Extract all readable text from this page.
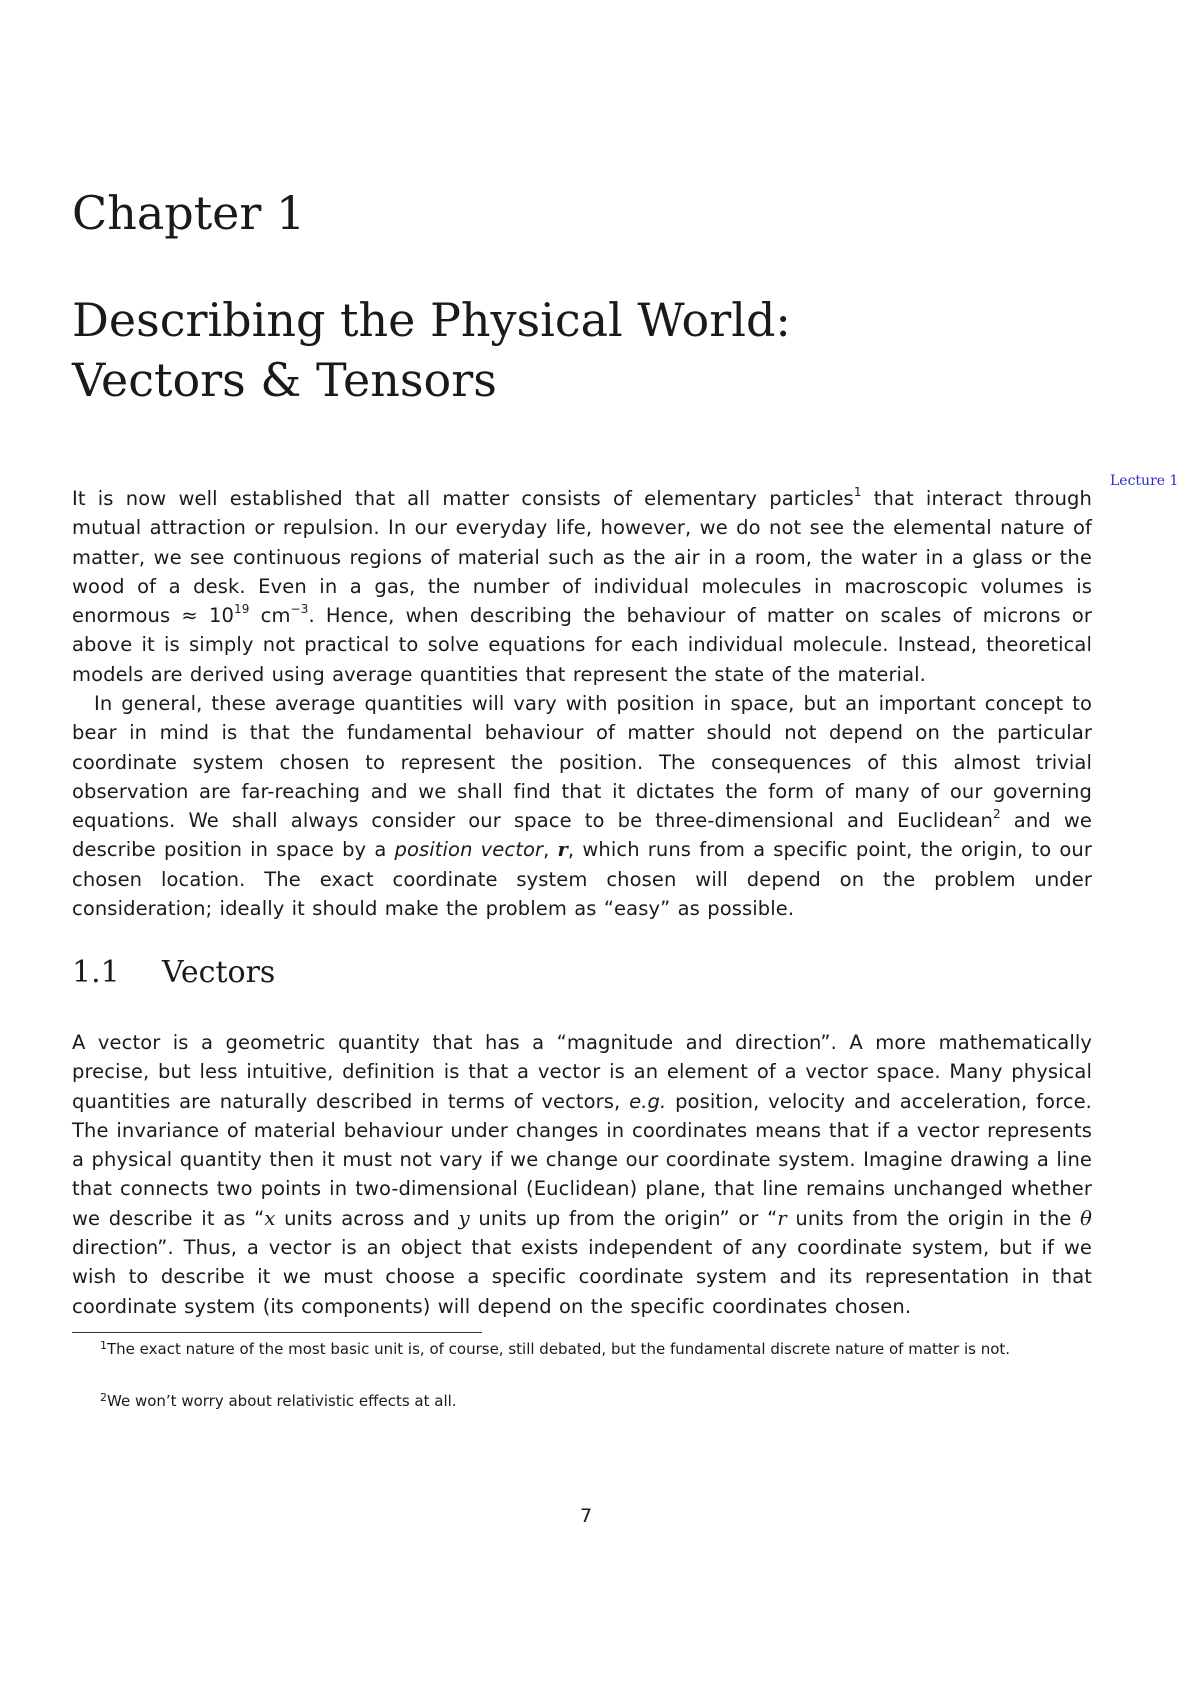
Chapter 1
Describing the Physical World:
Vectors & Tensors
Lecture 1

It is now well established that all matter consists of elementary particles$^1$ that interact through mutual attraction or repulsion. In our everyday life, however, we do not see the elemental nature of matter, we see continuous regions of material such as the air in a room, the water in a glass or the wood of a desk. Even in a gas, the number of individual molecules in macroscopic volumes is enormous ≈ $10^{19}$ $cm^{-3}$. Hence, when describing the behaviour of matter on scales of microns or above it is simply not practical to solve equations for each individual molecule. Instead, theoretical models are derived using average quantities that represent the state of the material.

In general, these average quantities will vary with position in space, but an important concept to bear in mind is that the fundamental behaviour of matter should not depend on the particular coordinate system chosen to represent the position. The consequences of this almost trivial observation are far-reaching and we shall find that it dictates the form of many of our governing equations. We shall always consider our space to be three-dimensional and Euclidean$^2$ and we describe position in space by a position vector, r, which runs from a specific point, the origin, to our chosen location. The exact coordinate system chosen will depend on the problem under consideration; ideally it should make the problem as “easy” as possible.

1.1 Vectors

A vector is a geometric quantity that has a “magnitude and direction”. A more mathematically precise, but less intuitive, definition is that a vector is an element of a vector space. Many physical quantities are naturally described in terms of vectors, e.g. position, velocity and acceleration, force. The invariance of material behaviour under changes in coordinates means that if a vector represents a physical quantity then it must not vary if we change our coordinate system. Imagine drawing a line that connects two points in two-dimensional (Euclidean) plane, that line remains unchanged whether we describe it as “x units across and y units up from the origin” or “r units from the origin in the θ direction”. Thus, a vector is an object that exists independent of any coordinate system, but if we wish to describe it we must choose a specific coordinate system and its representation in that coordinate system (its components) will depend on the specific coordinates chosen.

$^1$The exact nature of the most basic unit is, of course, still debated, but the fundamental discrete nature of matter is not.

$^2$We won’t worry about relativistic effects at all.

7
